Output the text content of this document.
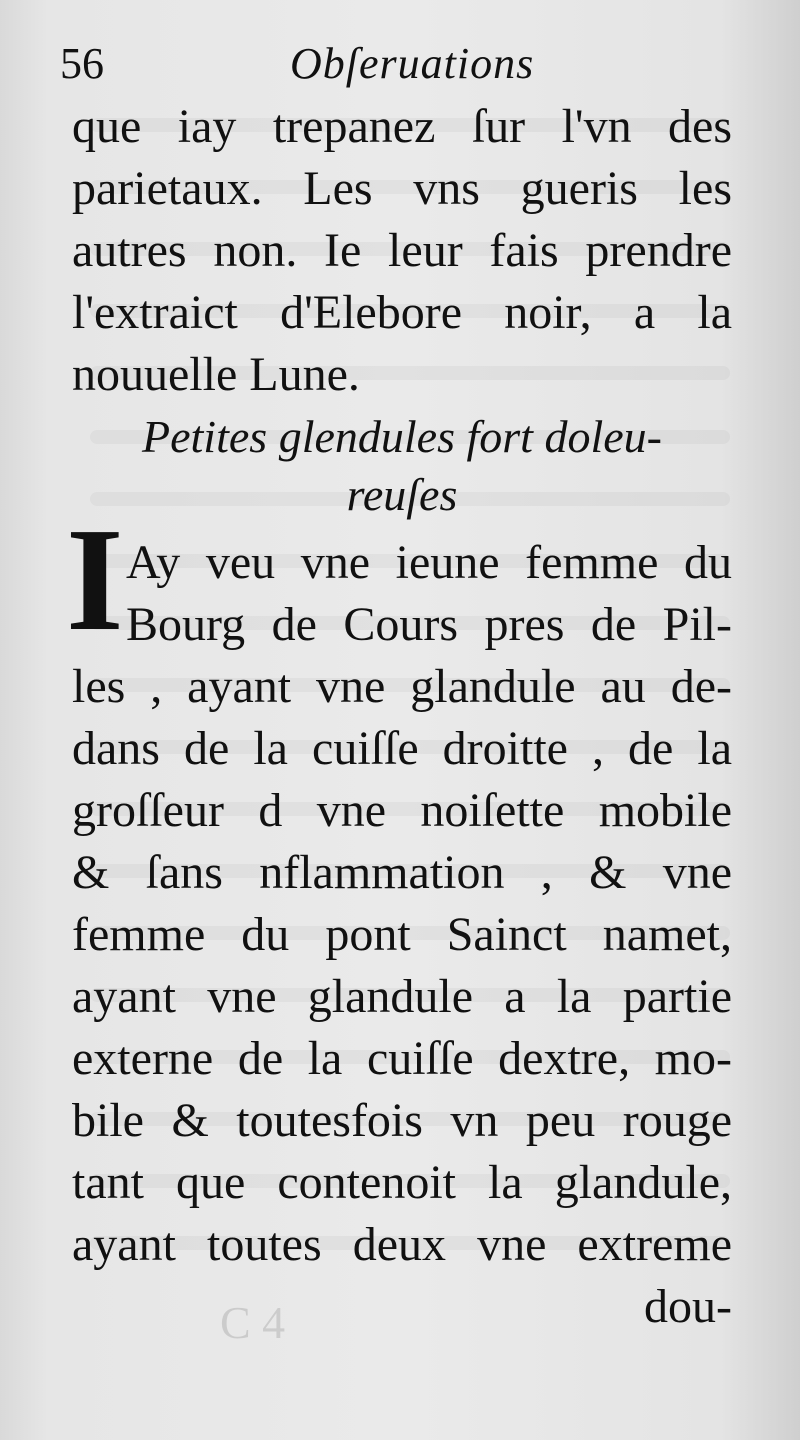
56	Obſeruations
que iay trepanez ſur l'vn des
parietaux. Les vns gueris les
autres non. Ie leur fais prendre
l'extraict d'Elebore noir, a la
nouuelle Lune.
Petites glendules fort doleu-
reuſes
I Ay veu vne ieune femme du
Bourg de Cours pres de Pil-
les , ayant vne glandule au de-
dans de la cuiſſe droitte , de la
groſſeur d vne noiſette mobile
& ſans nflammation , & vne
femme du pont Sainct namet,
ayant vne glandule a la partie
externe de la cuiſſe dextre, mo-
bile & toutesfois vn peu rouge
tant que contenoit la glandule,
ayant toutes deux vne extreme
dou-
C 4
